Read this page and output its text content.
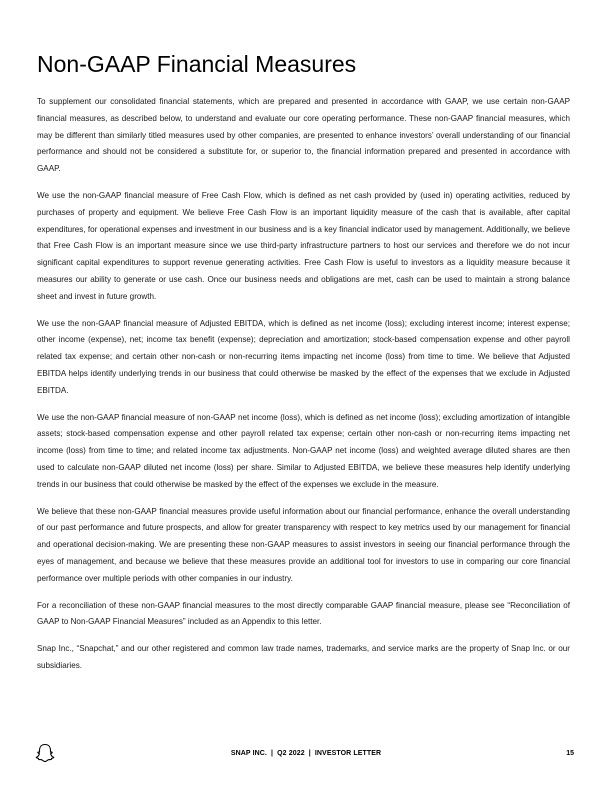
Non-GAAP Financial Measures

To supplement our consolidated financial statements, which are prepared and presented in accordance with GAAP, we use certain non-GAAP financial measures, as described below, to understand and evaluate our core operating performance. These non-GAAP financial measures, which may be different than similarly titled measures used by other companies, are presented to enhance investors’ overall understanding of our financial performance and should not be considered a substitute for, or superior to, the financial information prepared and presented in accordance with GAAP.

We use the non-GAAP financial measure of Free Cash Flow, which is defined as net cash provided by (used in) operating activities, reduced by purchases of property and equipment. We believe Free Cash Flow is an important liquidity measure of the cash that is available, after capital expenditures, for operational expenses and investment in our business and is a key financial indicator used by management. Additionally, we believe that Free Cash Flow is an important measure since we use third-party infrastructure partners to host our services and therefore we do not incur significant capital expenditures to support revenue generating activities. Free Cash Flow is useful to investors as a liquidity measure because it measures our ability to generate or use cash. Once our business needs and obligations are met, cash can be used to maintain a strong balance sheet and invest in future growth.

We use the non-GAAP financial measure of Adjusted EBITDA, which is defined as net income (loss); excluding interest income; interest expense; other income (expense), net; income tax benefit (expense); depreciation and amortization; stock-based compensation expense and other payroll related tax expense; and certain other non-cash or non-recurring items impacting net income (loss) from time to time. We believe that Adjusted EBITDA helps identify underlying trends in our business that could otherwise be masked by the effect of the expenses that we exclude in Adjusted EBITDA.

We use the non-GAAP financial measure of non-GAAP net income (loss), which is defined as net income (loss); excluding amortization of intangible assets; stock-based compensation expense and other payroll related tax expense; certain other non-cash or non-recurring items impacting net income (loss) from time to time; and related income tax adjustments. Non-GAAP net income (loss) and weighted average diluted shares are then used to calculate non-GAAP diluted net income (loss) per share. Similar to Adjusted EBITDA, we believe these measures help identify underlying trends in our business that could otherwise be masked by the effect of the expenses we exclude in the measure.

We believe that these non-GAAP financial measures provide useful information about our financial performance, enhance the overall understanding of our past performance and future prospects, and allow for greater transparency with respect to key metrics used by our management for financial and operational decision-making. We are presenting these non-GAAP measures to assist investors in seeing our financial performance through the eyes of management, and because we believe that these measures provide an additional tool for investors to use in comparing our core financial performance over multiple periods with other companies in our industry.

For a reconciliation of these non-GAAP financial measures to the most directly comparable GAAP financial measure, please see “Reconciliation of GAAP to Non-GAAP Financial Measures” included as an Appendix to this letter.

Snap Inc., “Snapchat,” and our other registered and common law trade names, trademarks, and service marks are the property of Snap Inc. or our subsidiaries.

SNAP INC. | Q2 2022 | INVESTOR LETTER	15
